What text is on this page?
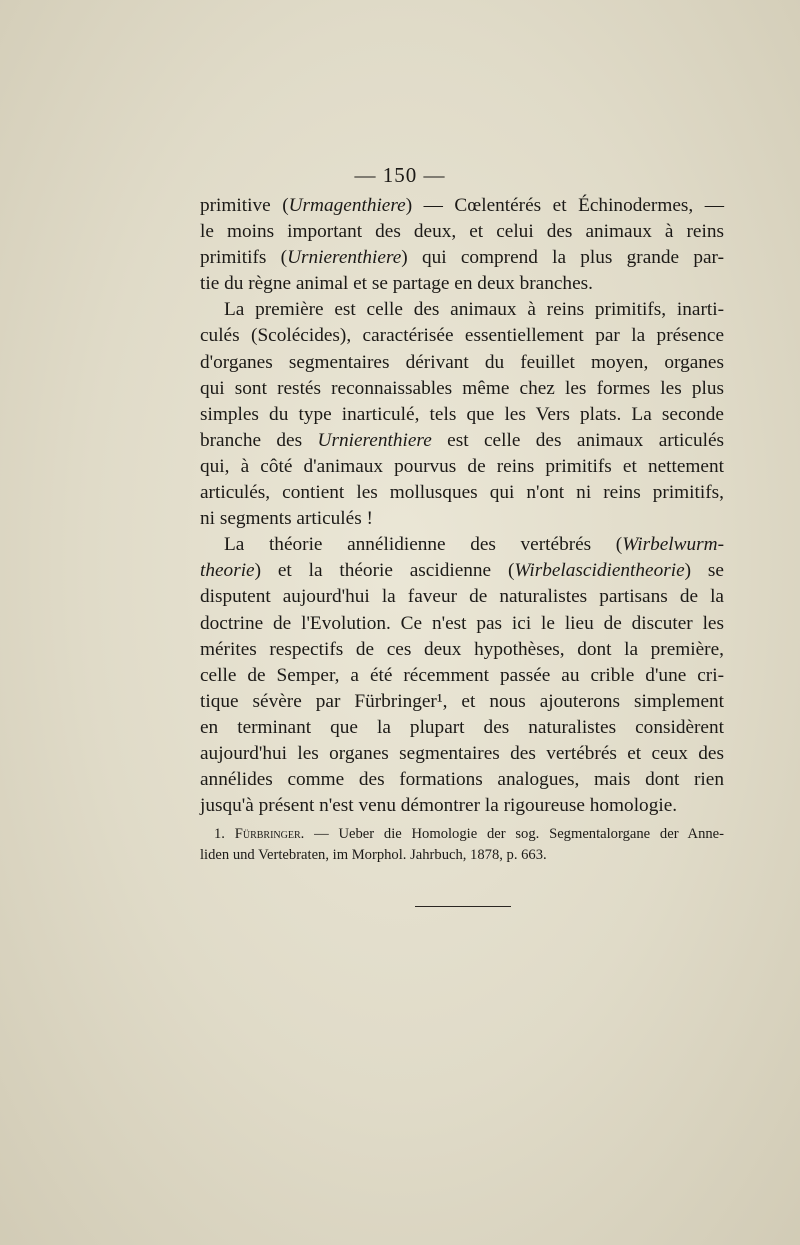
— 150 —
primitive (Urmagenthiere) — Cœlentérés et Échinodermes, —
le moins important des deux, et celui des animaux à reins
primitifs (Urnierenthiere) qui comprend la plus grande par-
tie du règne animal et se partage en deux branches.
La première est celle des animaux à reins primitifs, inarti-
culés (Scolécides), caractérisée essentiellement par la présence
d'organes segmentaires dérivant du feuillet moyen, organes
qui sont restés reconnaissables même chez les formes les plus
simples du type inarticulé, tels que les Vers plats. La seconde
branche des Urnierenthiere est celle des animaux articulés
qui, à côté d'animaux pourvus de reins primitifs et nettement
articulés, contient les mollusques qui n'ont ni reins primitifs,
ni segments articulés !
La théorie annélidienne des vertébrés (Wirbelwurm-
theorie) et la théorie ascidienne (Wirbelascidientheorie) se
disputent aujourd'hui la faveur de naturalistes partisans de la
doctrine de l'Evolution. Ce n'est pas ici le lieu de discuter les
mérites respectifs de ces deux hypothèses, dont la première,
celle de Semper, a été récemment passée au crible d'une cri-
tique sévère par Fürbringer¹, et nous ajouterons simplement
en terminant que la plupart des naturalistes considèrent
aujourd'hui les organes segmentaires des vertébrés et ceux des
annélides comme des formations analogues, mais dont rien
jusqu'à présent n'est venu démontrer la rigoureuse homologie.
1. Fürbringer. — Ueber die Homologie der sog. Segmentalorgane der Anne-
liden und Vertebraten, im Morphol. Jahrbuch, 1878, p. 663.
